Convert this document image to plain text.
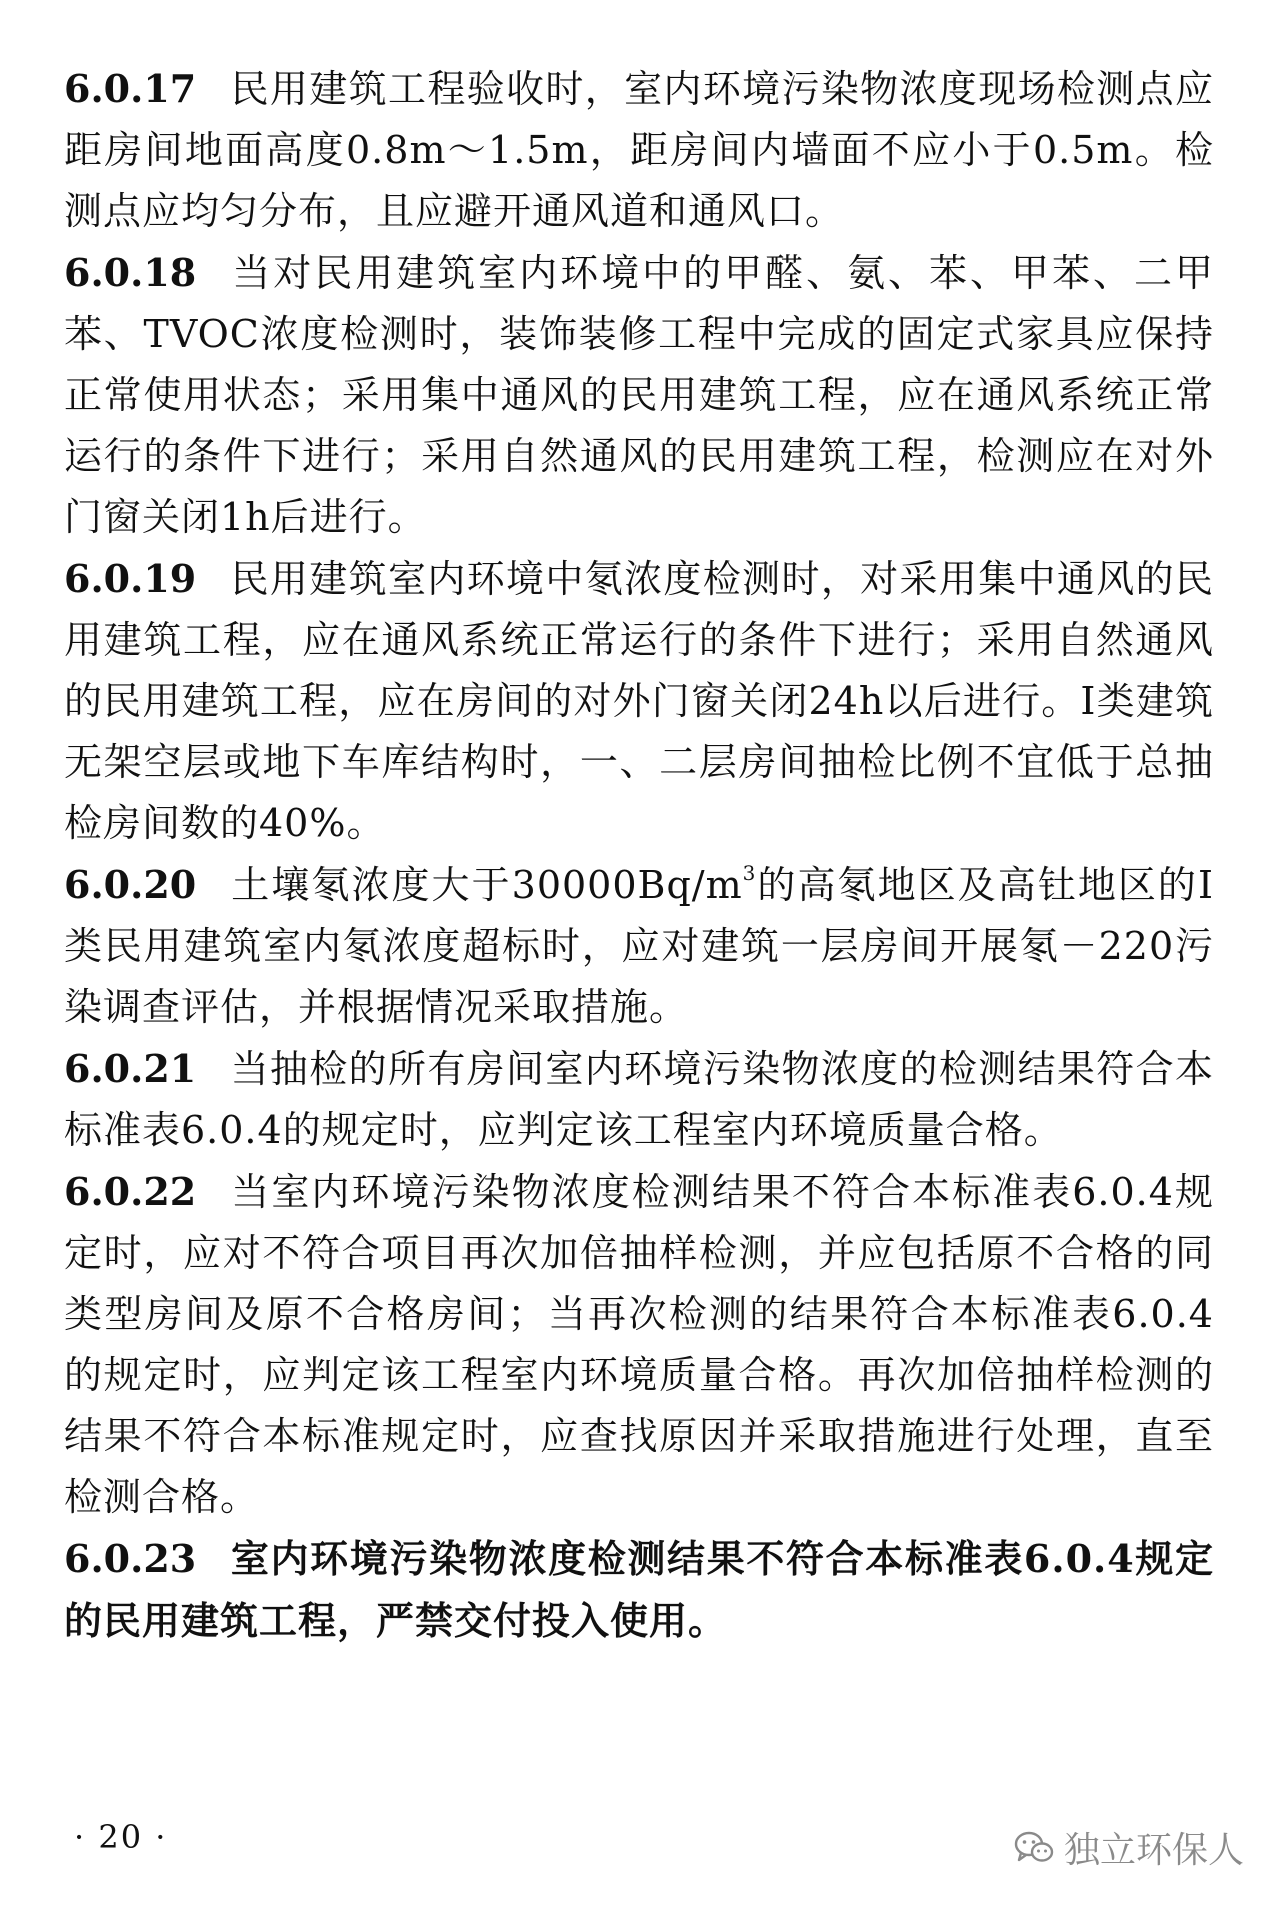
6.0.17 民用建筑工程验收时，室内环境污染物浓度现场检测点应距房间地面高度0.8m～1.5m，距房间内墙面不应小于0.5m。检测点应均匀分布，且应避开通风道和通风口。

6.0.18 当对民用建筑室内环境中的甲醛、氨、苯、甲苯、二甲苯、TVOC浓度检测时，装饰装修工程中完成的固定式家具应保持正常使用状态；采用集中通风的民用建筑工程，应在通风系统正常运行的条件下进行；采用自然通风的民用建筑工程，检测应在对外门窗关闭1h后进行。

6.0.19 民用建筑室内环境中氡浓度检测时，对采用集中通风的民用建筑工程，应在通风系统正常运行的条件下进行；采用自然通风的民用建筑工程，应在房间的对外门窗关闭24h以后进行。I类建筑无架空层或地下车库结构时，一、二层房间抽检比例不宜低于总抽检房间数的40%。

6.0.20 土壤氡浓度大于$30000Bq/m^3$的高氡地区及高钍地区的Ⅰ类民用建筑室内氡浓度超标时，应对建筑一层房间开展氡－220污染调查评估，并根据情况采取措施。

6.0.21 当抽检的所有房间室内环境污染物浓度的检测结果符合本标准表6.0.4的规定时，应判定该工程室内环境质量合格。

6.0.22 当室内环境污染物浓度检测结果不符合本标准表6.0.4规定时，应对不符合项目再次加倍抽样检测，并应包括原不合格的同类型房间及原不合格房间；当再次检测的结果符合本标准表6.0.4的规定时，应判定该工程室内环境质量合格。再次加倍抽样检测的结果不符合本标准规定时，应查找原因并采取措施进行处理，直至检测合格。

6.0.23 室内环境污染物浓度检测结果不符合本标准表6.0.4规定的民用建筑工程，严禁交付投入使用。

· 20 ·	独立环保人
